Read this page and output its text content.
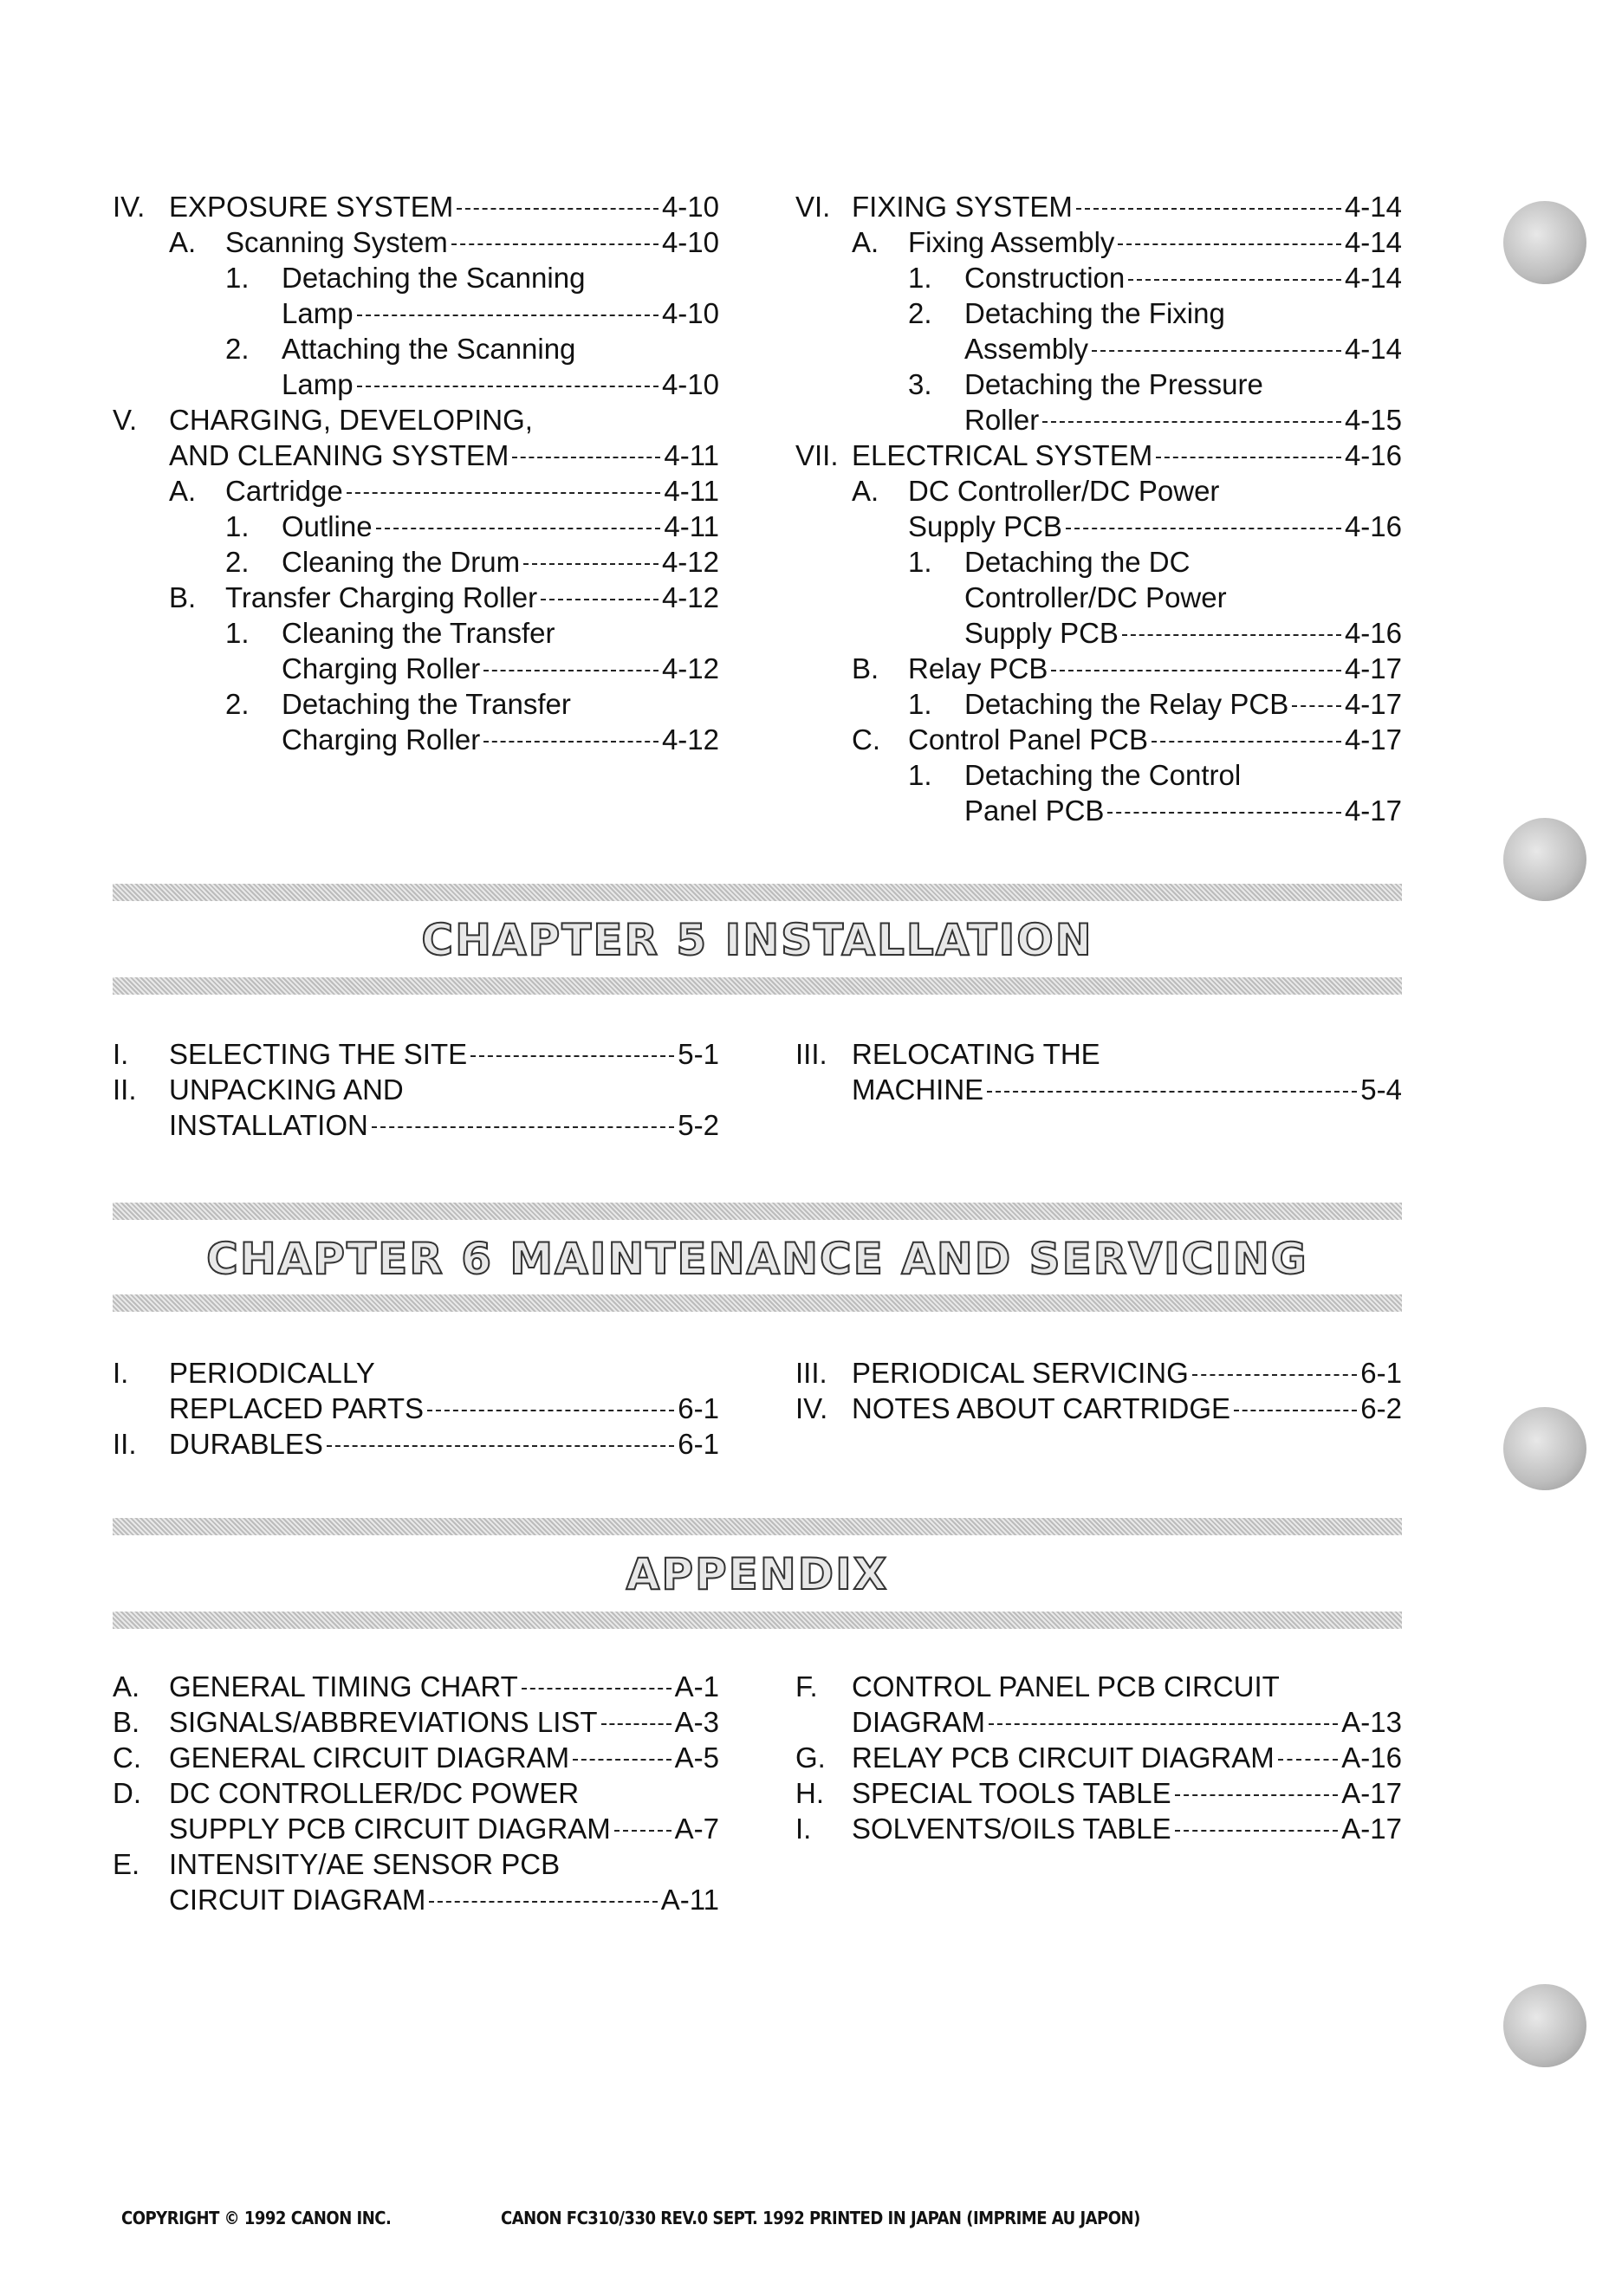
IV. EXPOSURE SYSTEM	4-10
A. Scanning System	4-10
1. Detaching the Scanning
Lamp	4-10
2. Attaching the Scanning
Lamp	4-10
V. CHARGING, DEVELOPING,
AND CLEANING SYSTEM	4-11
A. Cartridge	4-11
1. Outline	4-11
2. Cleaning the Drum	4-12
B. Transfer Charging Roller	4-12
1. Cleaning the Transfer
Charging Roller	4-12
2. Detaching the Transfer
Charging Roller	4-12
VI. FIXING SYSTEM	4-14
A. Fixing Assembly	4-14
1. Construction	4-14
2. Detaching the Fixing
Assembly	4-14
3. Detaching the Pressure
Roller	4-15
VII. ELECTRICAL SYSTEM	4-16
A. DC Controller/DC Power
Supply PCB	4-16
1. Detaching the DC
Controller/DC Power
Supply PCB	4-16
B. Relay PCB	4-17
1. Detaching the Relay PCB 4-17
C. Control Panel PCB	4-17
1. Detaching the Control
Panel PCB	4-17
CHAPTER 5 INSTALLATION
I. SELECTING THE SITE	5-1
II. UNPACKING AND
INSTALLATION	5-2
III. RELOCATING THE
MACHINE	5-4
CHAPTER 6 MAINTENANCE AND SERVICING
I. PERIODICALLY
REPLACED PARTS	6-1
II. DURABLES	6-1
III. PERIODICAL SERVICING	6-1
IV. NOTES ABOUT CARTRIDGE	6-2
APPENDIX
A. GENERAL TIMING CHART	A-1
B. SIGNALS/ABBREVIATIONS LIST	A-3
C. GENERAL CIRCUIT DIAGRAM	A-5
D. DC CONTROLLER/DC POWER
SUPPLY PCB CIRCUIT DIAGRAM A-7
E. INTENSITY/AE SENSOR PCB
CIRCUIT DIAGRAM	A-11
F. CONTROL PANEL PCB CIRCUIT
DIAGRAM	A-13
G. RELAY PCB CIRCUIT DIAGRAM A-16
H. SPECIAL TOOLS TABLE	A-17
I. SOLVENTS/OILS TABLE	A-17
COPYRIGHT © 1992 CANON INC.	CANON FC310/330 REV.0 SEPT. 1992 PRINTED IN JAPAN (IMPRIME AU JAPON)
